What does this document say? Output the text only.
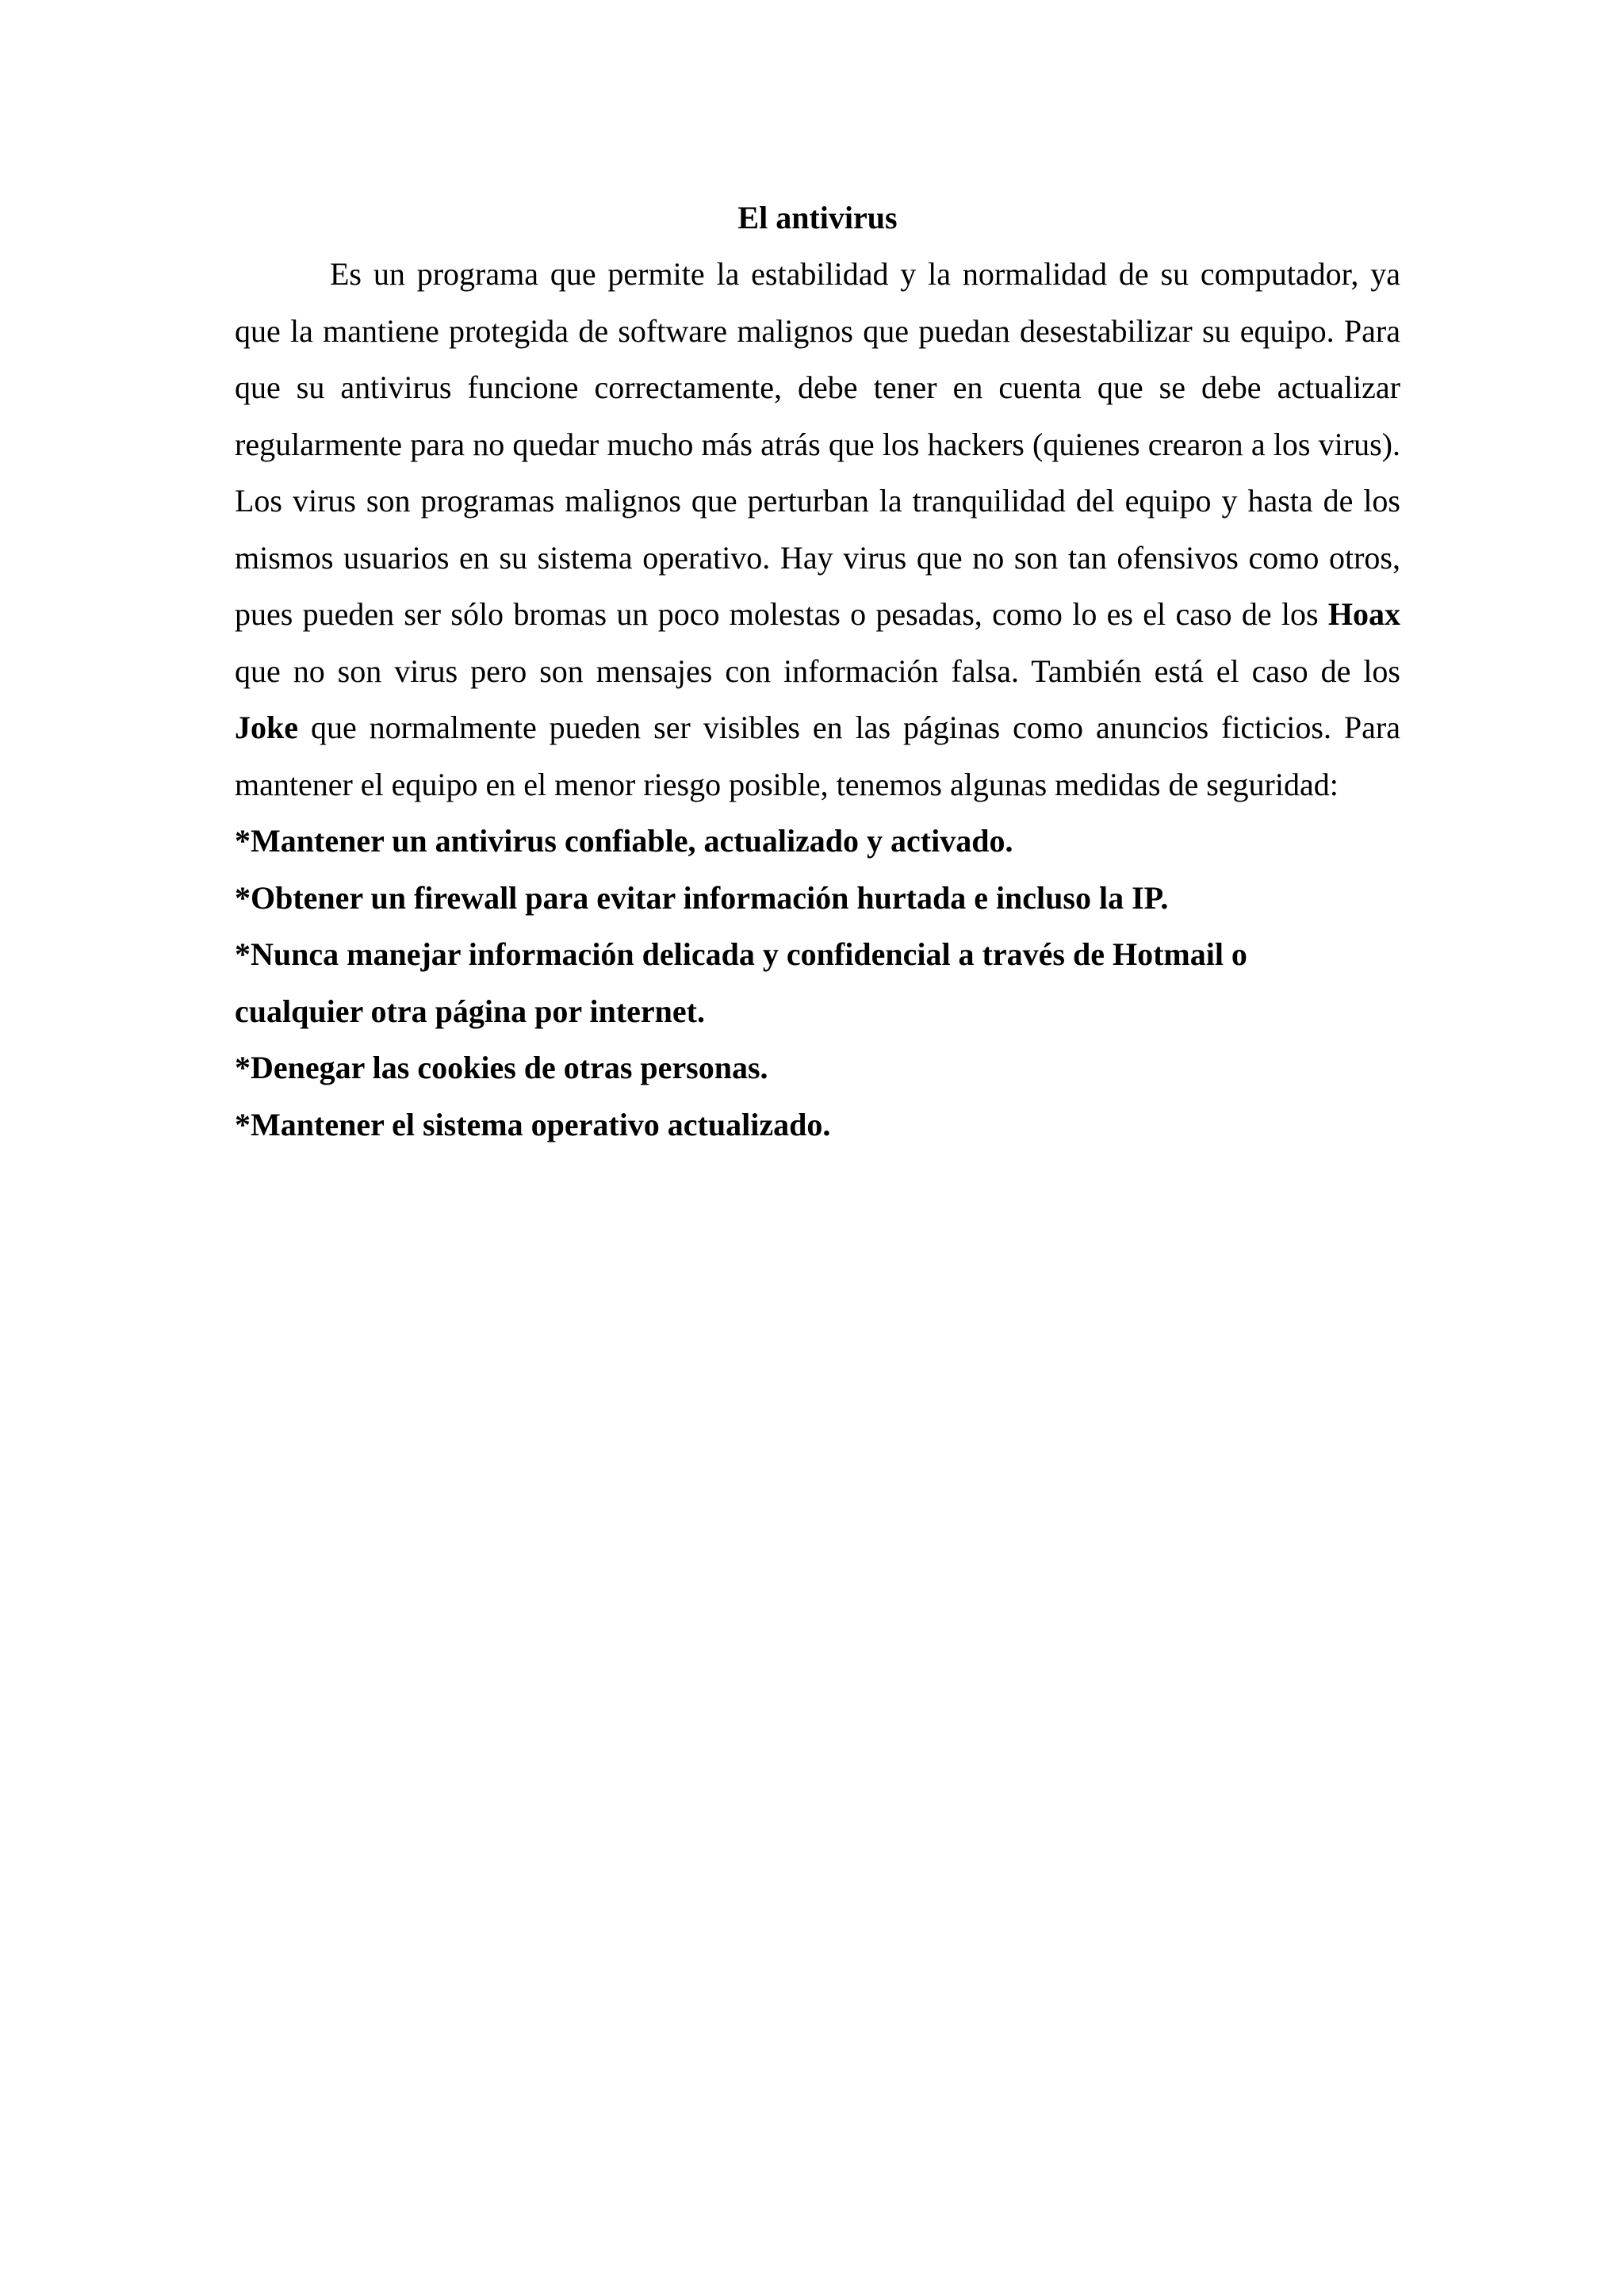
El antivirus

Es un programa que permite la estabilidad y la normalidad de su computador, ya que la mantiene protegida de software malignos que puedan desestabilizar su equipo. Para que su antivirus funcione correctamente, debe tener en cuenta que se debe actualizar regularmente para no quedar mucho más atrás que los hackers (quienes crearon a los virus). Los virus son programas malignos que perturban la tranquilidad del equipo y hasta de los mismos usuarios en su sistema operativo. Hay virus que no son tan ofensivos como otros, pues pueden ser sólo bromas un poco molestas o pesadas, como lo es el caso de los Hoax que no son virus pero son mensajes con información falsa. También está el caso de los Joke que normalmente pueden ser visibles en las páginas como anuncios ficticios. Para mantener el equipo en el menor riesgo posible, tenemos algunas medidas de seguridad:

*Mantener un antivirus confiable, actualizado y activado.
*Obtener un firewall para evitar información hurtada e incluso la IP.
*Nunca manejar información delicada y confidencial a través de Hotmail o
cualquier otra página por internet.
*Denegar las cookies de otras personas.
*Mantener el sistema operativo actualizado.
